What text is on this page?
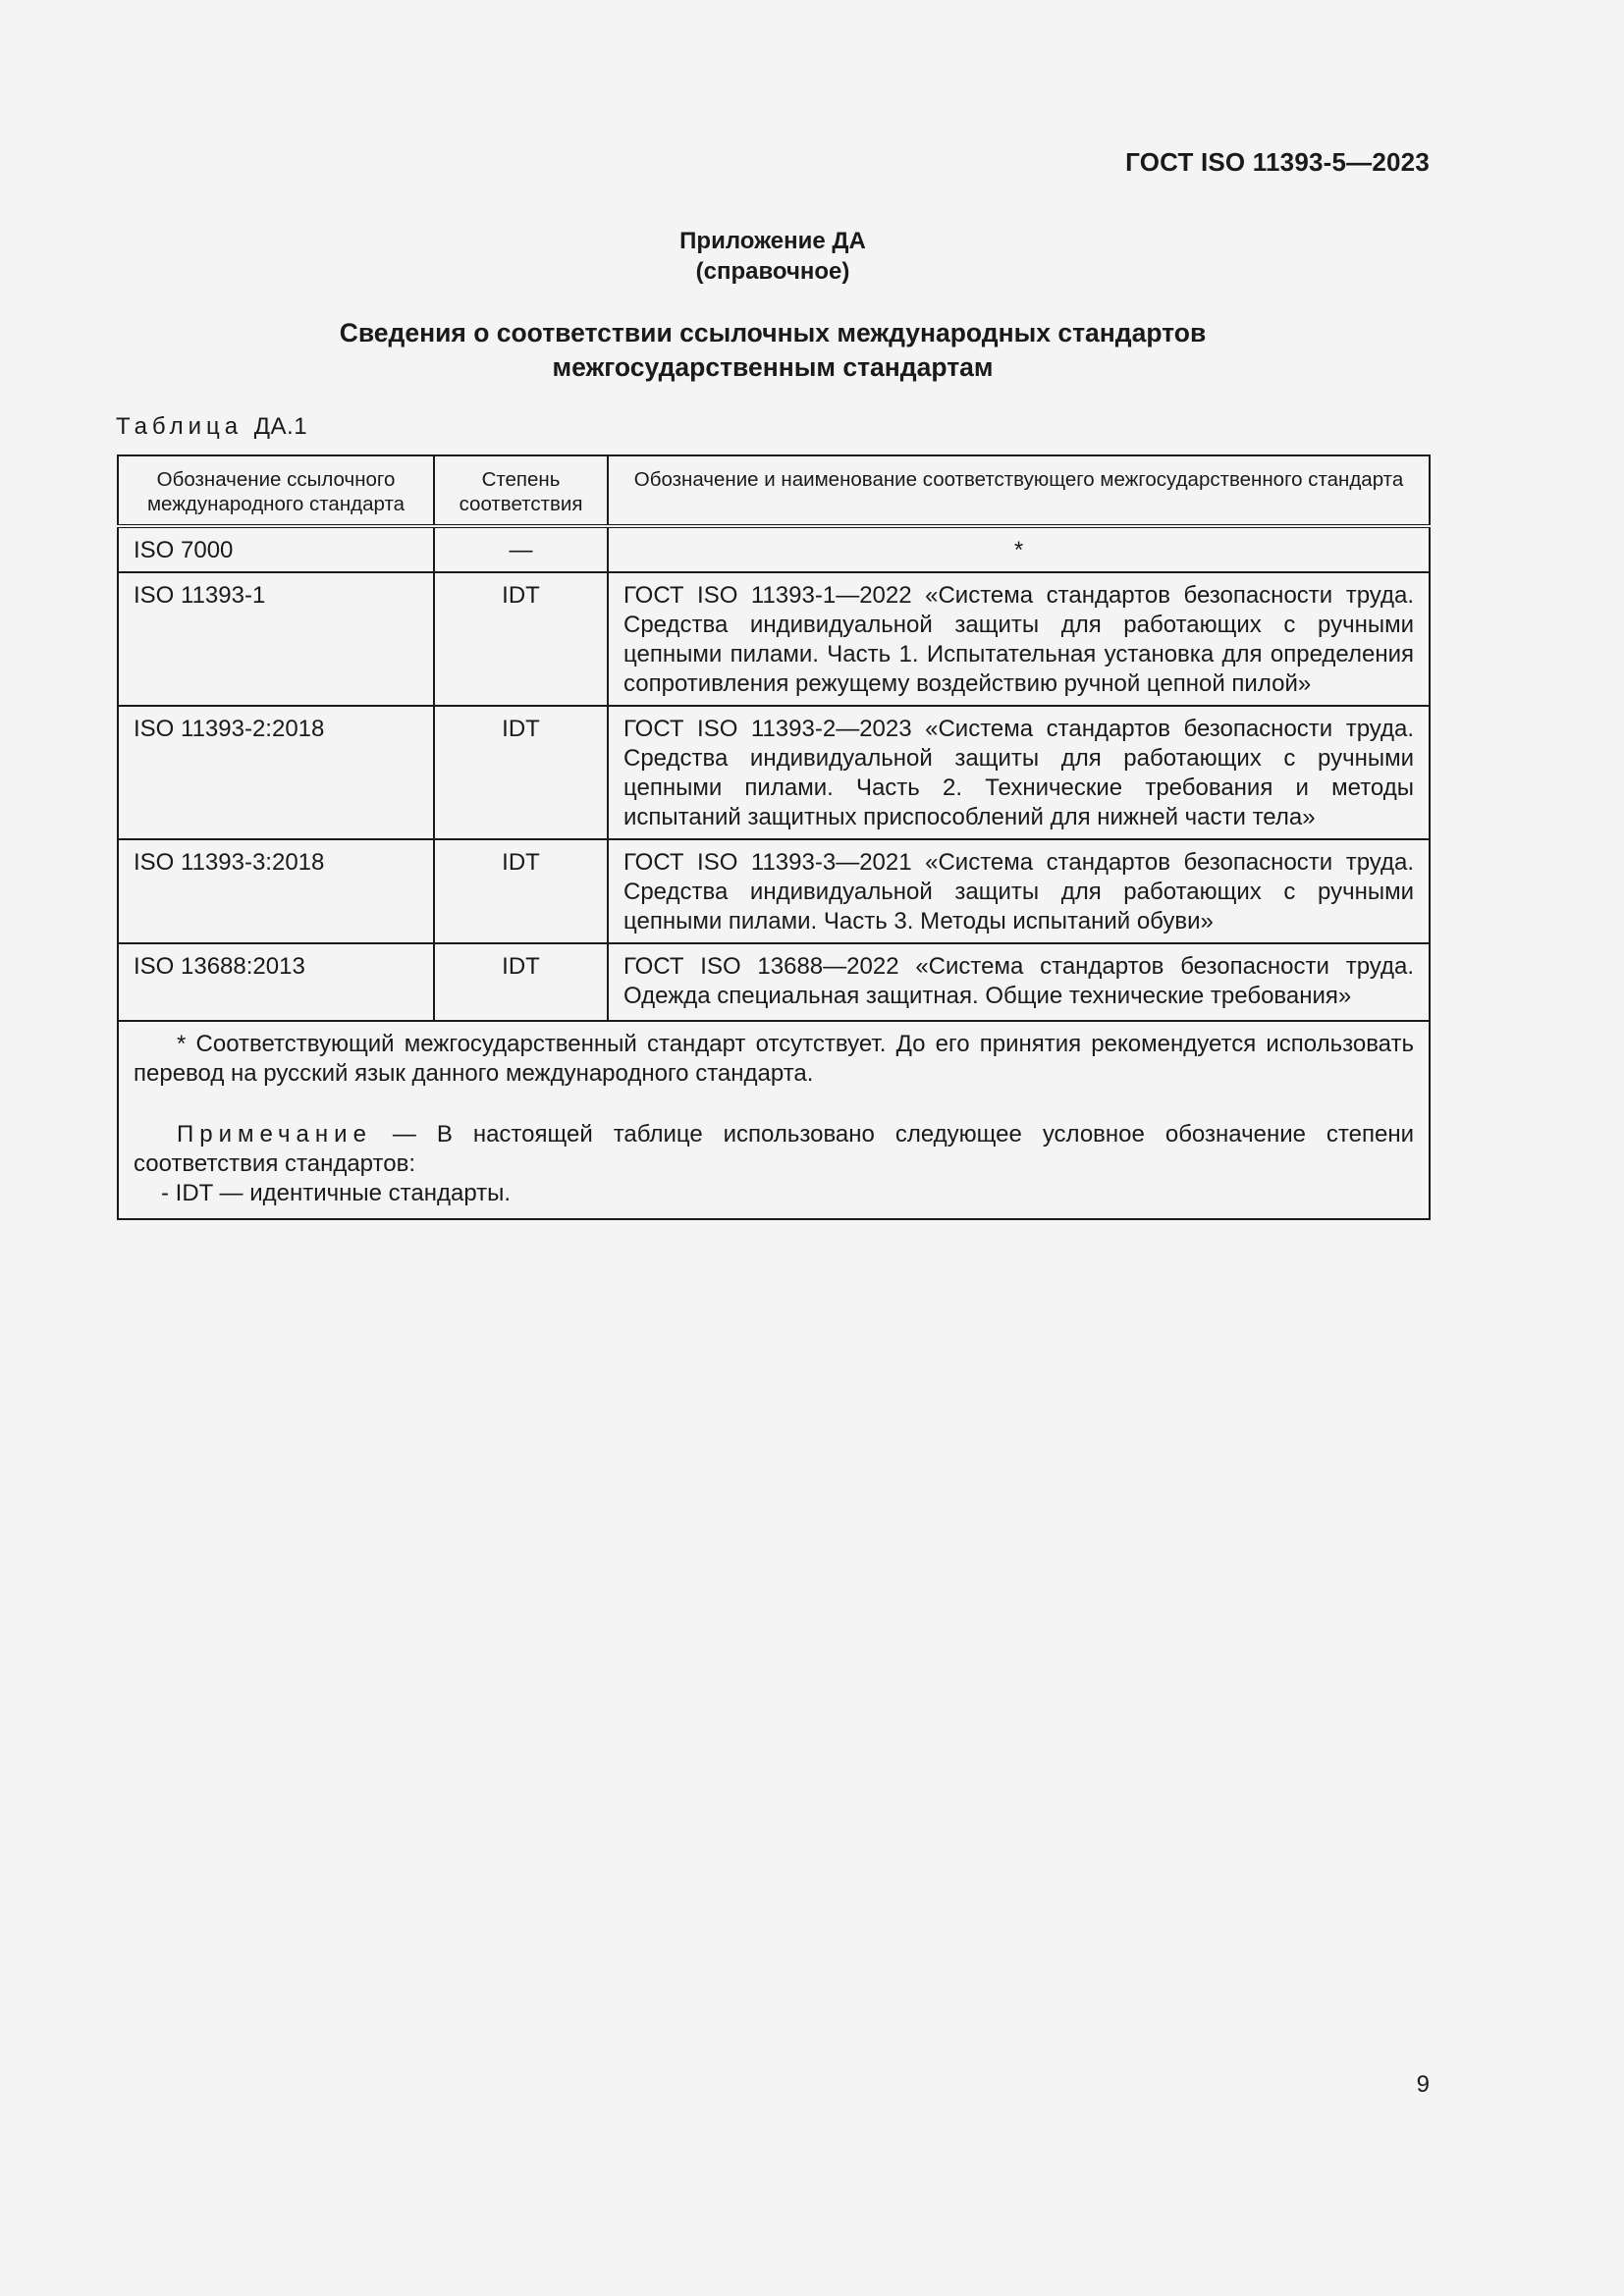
ГОСТ ISO 11393-5—2023
Приложение ДА
(справочное)
Сведения о соответствии ссылочных международных стандартов
межгосударственным стандартам
Таблица ДА.1
Обозначение ссылочного международного стандарта	Степень соответствия	Обозначение и наименование соответствующего межгосударственного стандарта
ISO 7000	—	*
ISO 11393-1	IDT	ГОСТ ISO 11393-1—2022 «Система стандартов безопасности труда. Средства индивидуальной защиты для работающих с ручными цепными пилами. Часть 1. Испытательная установка для определения сопротивления режущему воздействию ручной цепной пилой»
ISO 11393-2:2018	IDT	ГОСТ ISO 11393-2—2023 «Система стандартов безопасности труда. Средства индивидуальной защиты для работающих с ручными цепными пилами. Часть 2. Технические требования и методы испытаний защитных приспособлений для нижней части тела»
ISO 11393-3:2018	IDT	ГОСТ ISO 11393-3—2021 «Система стандартов безопасности труда. Средства индивидуальной защиты для работающих с ручными цепными пилами. Часть 3. Методы испытаний обуви»
ISO 13688:2013	IDT	ГОСТ ISO 13688—2022 «Система стандартов безопасности труда. Одежда специальная защитная. Общие технические требования»

* Соответствующий межгосударственный стандарт отсутствует. До его принятия рекомендуется использовать перевод на русский язык данного международного стандарта.

Примечание — В настоящей таблице использовано следующее условное обозначение степени соответствия стандартов:

- IDT — идентичные стандарты.		

9
